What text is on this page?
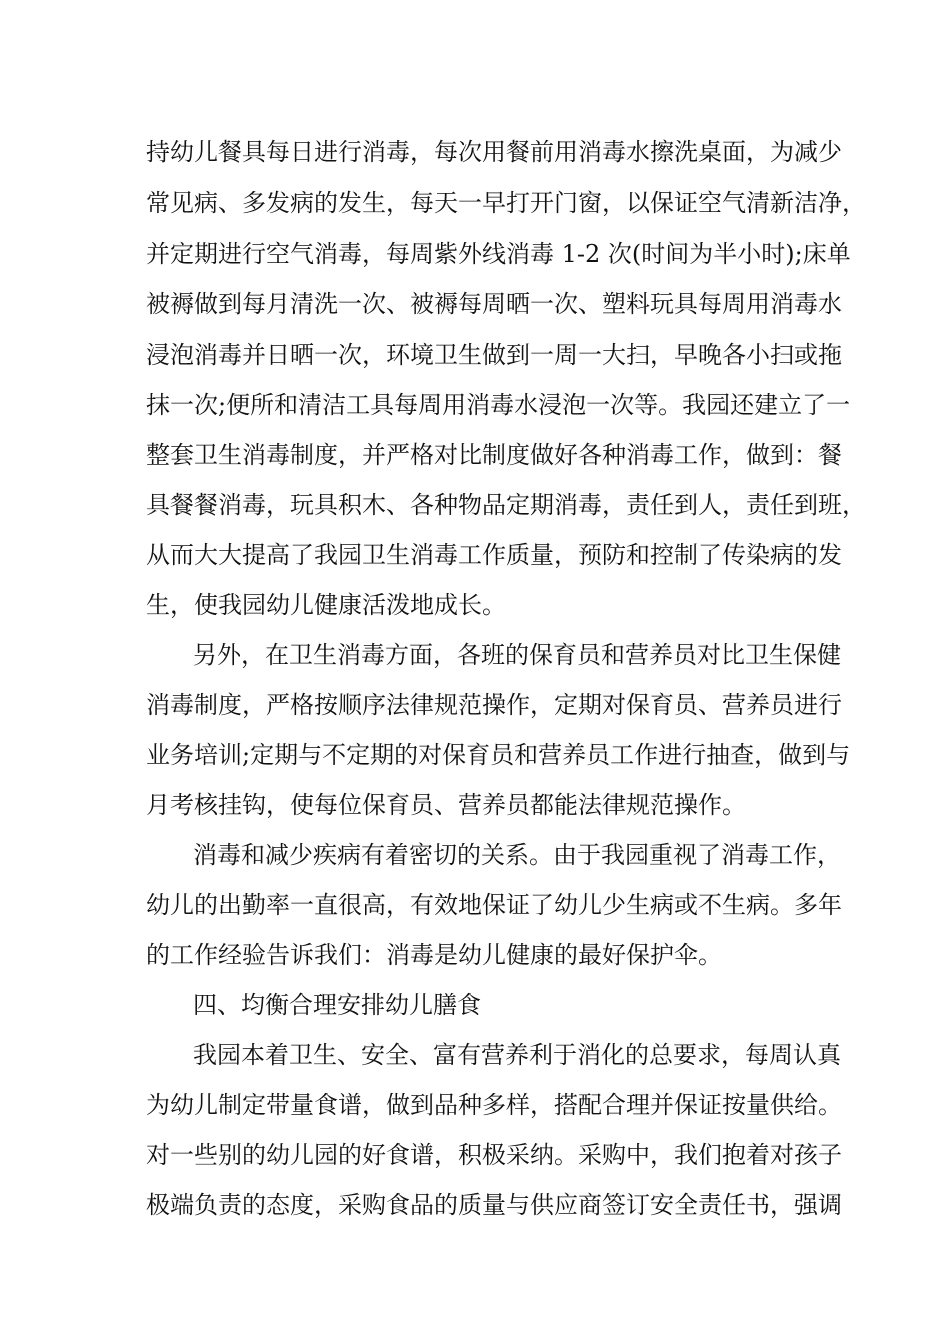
持幼儿餐具每日进行消毒，每次用餐前用消毒水擦洗桌面，为减少
常见病、多发病的发生，每天一早打开门窗，以保证空气清新洁净，
并定期进行空气消毒，每周紫外线消毒 1-2 次(时间为半小时);床单
被褥做到每月清洗一次、被褥每周晒一次、塑料玩具每周用消毒水
浸泡消毒并日晒一次，环境卫生做到一周一大扫，早晚各小扫或拖
抹一次;便所和清洁工具每周用消毒水浸泡一次等。我园还建立了一
整套卫生消毒制度，并严格对比制度做好各种消毒工作，做到：餐
具餐餐消毒，玩具积木、各种物品定期消毒，责任到人，责任到班，
从而大大提高了我园卫生消毒工作质量，预防和控制了传染病的发
生，使我园幼儿健康活泼地成长。
另外，在卫生消毒方面，各班的保育员和营养员对比卫生保健
消毒制度，严格按顺序法律规范操作，定期对保育员、营养员进行
业务培训;定期与不定期的对保育员和营养员工作进行抽查，做到与
月考核挂钩，使每位保育员、营养员都能法律规范操作。
消毒和减少疾病有着密切的关系。由于我园重视了消毒工作，
幼儿的出勤率一直很高，有效地保证了幼儿少生病或不生病。多年
的工作经验告诉我们：消毒是幼儿健康的最好保护伞。
四、均衡合理安排幼儿膳食
我园本着卫生、安全、富有营养利于消化的总要求，每周认真
为幼儿制定带量食谱，做到品种多样，搭配合理并保证按量供给。
对一些别的幼儿园的好食谱，积极采纳。采购中，我们抱着对孩子
极端负责的态度，采购食品的质量与供应商签订安全责任书，强调
